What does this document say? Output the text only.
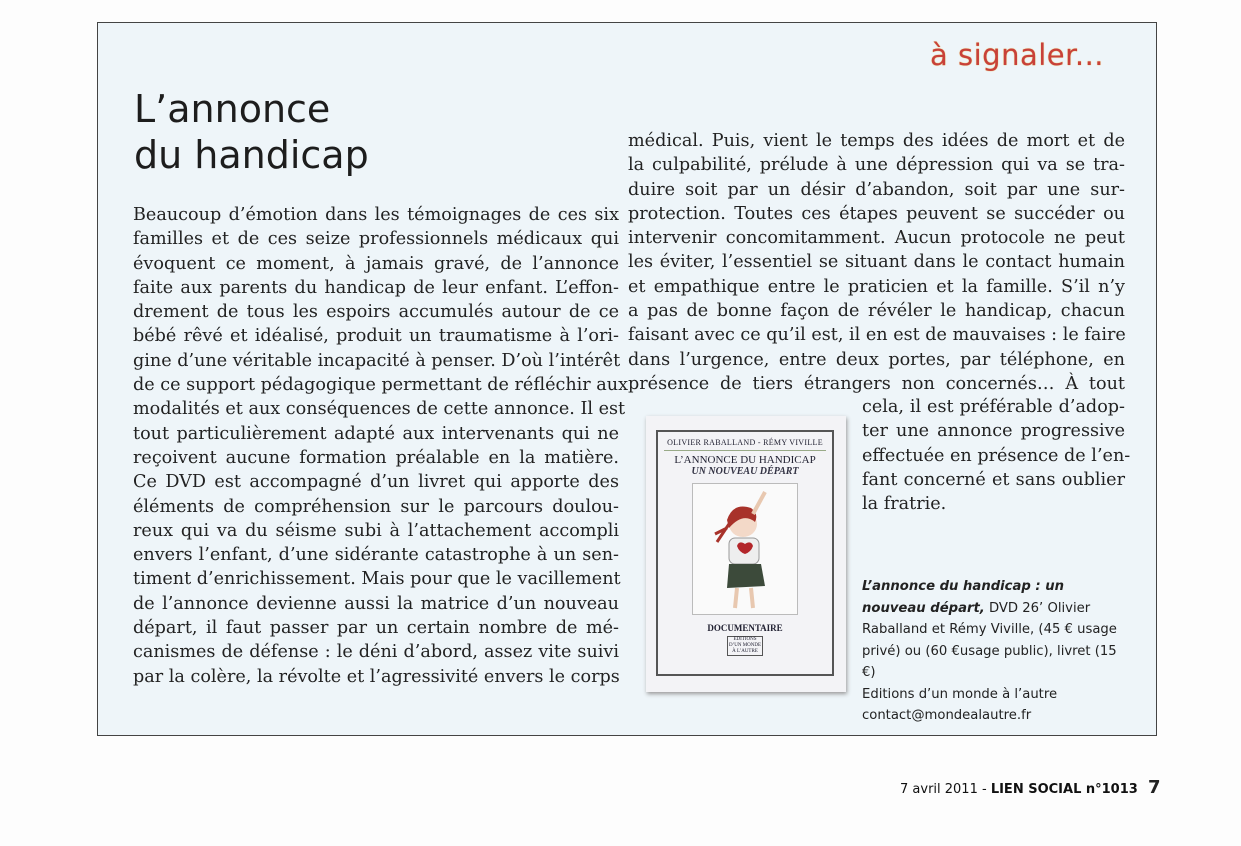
à signaler...
L’annonce
du handicap
Beaucoup d’émotion dans les témoignages de ces six
familles et de ces seize professionnels médicaux qui
évoquent ce moment, à jamais gravé, de l’annonce
faite aux parents du handicap de leur enfant. L’effon-
drement de tous les espoirs accumulés autour de ce
bébé rêvé et idéalisé, produit un traumatisme à l’ori-
gine d’une véritable incapacité à penser. D’où l’intérêt
de ce support pédagogique permettant de réfléchir aux
modalités et aux conséquences de cette annonce. Il est
tout particulièrement adapté aux intervenants qui ne
reçoivent aucune formation préalable en la matière.
Ce DVD est accompagné d’un livret qui apporte des
éléments de compréhension sur le parcours doulou-
reux qui va du séisme subi à l’attachement accompli
envers l’enfant, d’une sidérante catastrophe à un sen-
timent d’enrichissement. Mais pour que le vacillement
de l’annonce devienne aussi la matrice d’un nouveau
départ, il faut passer par un certain nombre de mé-
canismes de défense : le déni d’abord, assez vite suivi
par la colère, la révolte et l’agressivité envers le corps
médical. Puis, vient le temps des idées de mort et de
la culpabilité, prélude à une dépression qui va se tra-
duire soit par un désir d’abandon, soit par une sur-
protection. Toutes ces étapes peuvent se succéder ou
intervenir concomitamment. Aucun protocole ne peut
les éviter, l’essentiel se situant dans le contact humain
et empathique entre le praticien et la famille. S’il n’y
a pas de bonne façon de révéler le handicap, chacun
faisant avec ce qu’il est, il en est de mauvaises : le faire
dans l’urgence, entre deux portes, par téléphone, en
présence de tiers étrangers non concernés… À tout
cela, il est préférable d’adop-
ter une annonce progressive
effectuée en présence de l’en-
fant concerné et sans oublier
la fratrie.
OLIVIER RABALLAND - RÉMY VIVILLE
L’ANNONCE DU HANDICAP
UN NOUVEAU DÉPART
DOCUMENTAIRE
EDITIONS D’UN MONDE À L’AUTRE
L’annonce du handicap : un nouveau départ, DVD 26’ Olivier Raballand et Rémy Viville, (45 € usage privé) ou (60 €usage public), livret (15 €)
Editions d’un monde à l’autre
contact@mondealautre.fr
7 avril 2011 - LIEN SOCIAL n°1013 7
